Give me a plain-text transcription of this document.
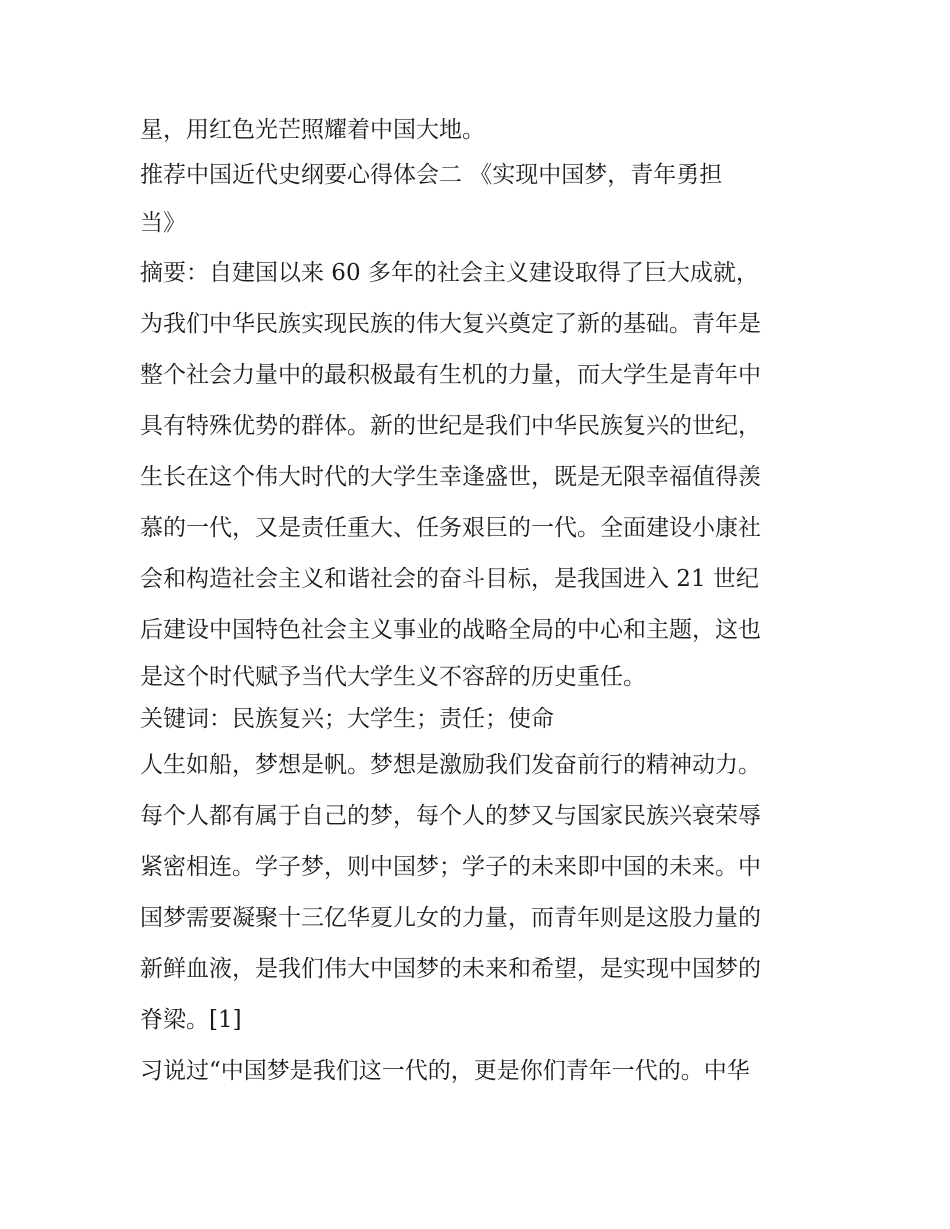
星，用红色光芒照耀着中国大地。
推荐中国近代史纲要心得体会二 《实现中国梦，青年勇担
当》
摘要：自建国以来 60 多年的社会主义建设取得了巨大成就，
为我们中华民族实现民族的伟大复兴奠定了新的基础。青年是
整个社会力量中的最积极最有生机的力量，而大学生是青年中
具有特殊优势的群体。新的世纪是我们中华民族复兴的世纪，
生长在这个伟大时代的大学生幸逢盛世，既是无限幸福值得羡
慕的一代，又是责任重大、任务艰巨的一代。全面建设小康社
会和构造社会主义和谐社会的奋斗目标，是我国进入 21 世纪
后建设中国特色社会主义事业的战略全局的中心和主题，这也
是这个时代赋予当代大学生义不容辞的历史重任。
关键词：民族复兴；大学生；责任；使命
人生如船，梦想是帆。梦想是激励我们发奋前行的精神动力。
每个人都有属于自己的梦，每个人的梦又与国家民族兴衰荣辱
紧密相连。学子梦，则中国梦；学子的未来即中国的未来。中
国梦需要凝聚十三亿华夏儿女的力量，而青年则是这股力量的
新鲜血液，是我们伟大中国梦的未来和希望，是实现中国梦的
脊梁。[1]
习说过“中国梦是我们这一代的，更是你们青年一代的。中华
